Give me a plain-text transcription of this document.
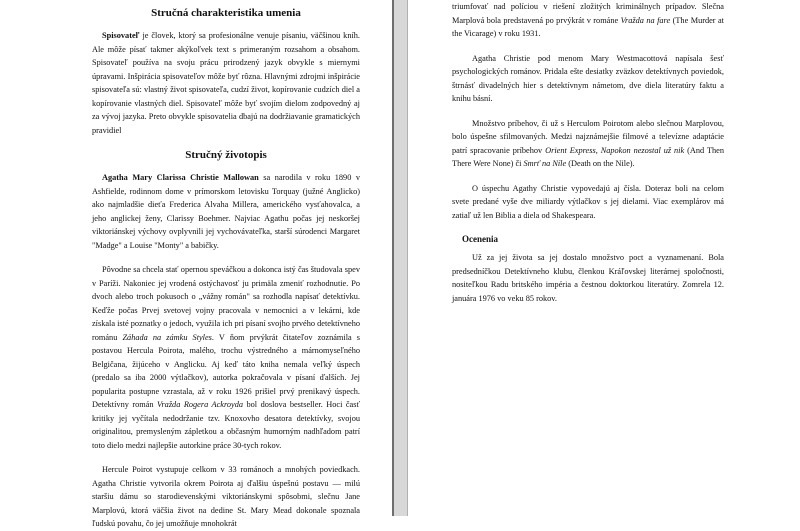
Stručná charakteristika umenia

Spisovateľ je človek, ktorý sa profesionálne venuje písaniu, väčšinou kníh. Ale môže písať takmer akýkoľvek text s primeraným rozsahom a obsahom. Spisovateľ používa na svoju prácu prirodzený jazyk obvykle s miernymi úpravami. Inšpirácia spisovateľov môže byť rôzna. Hlavnými zdrojmi inšpirácie spisovateľa sú: vlastný život spisovateľa, cudzí život, kopírovanie cudzích diel a kopírovanie vlastných diel. Spisovateľ môže byť svojím dielom zodpovedný aj za vývoj jazyka. Preto obvykle spisovatelia dbajú na dodržiavanie gramatických pravidiel

Stručný životopis

Agatha Mary Clarissa Christie Mallowan sa narodila v roku 1890 v Ashfielde, rodinnom dome v prímorskom letovisku Torquay (južné Anglicko) ako najmladšie dieťa Frederica Alvaha Millera, amerického vysťahovalca, a jeho anglickej ženy, Clarissy Boehmer. Najviac Agathu počas jej neskoršej viktoriánskej výchovy ovplyvnili jej vychovávateľka, starší súrodenci Margaret "Madge" a Louise "Monty" a babičky.

Pôvodne sa chcela stať opernou speváčkou a dokonca istý čas študovala spev v Paríži. Nakoniec jej vrodená ostýchavosť ju primäla zmeniť rozhodnutie. Po dvoch alebo troch pokusoch o „vážny román" sa rozhodla napísať detektívku. Keďže počas Prvej svetovej vojny pracovala v nemocnici a v lekárni, kde získala isté poznatky o jedoch, využila ich pri písaní svojho prvého detektívneho románu Záhada na zámku Styles. V ňom prvýkrát čitateľov zoznámila s postavou Hercula Poirota, malého, trochu výstredného a márnomyseľného Belgičana, žijúceho v Anglicku. Aj keď táto kniha nemala veľký úspech (predalo sa iba 2000 výtlačkov), autorka pokračovala v písaní ďalších. Jej popularita postupne vzrastala, až v roku 1926 prišiel prvý prenikavý úspech. Detektívny román Vražda Rogera Ackroyda bol doslova bestseller. Hoci časť kritiky jej vyčítala nedodržanie tzv. Knoxovho desatora detektívky, svojou originalitou, premysleným zápletkou a občasným humorným nadhľadom patrí toto dielo medzi najlepšie autorkine práce 30-tych rokov.

Hercule Poirot vystupuje celkom v 33 románoch a mnohých poviedkach. Agatha Christie vytvorila okrem Poirota aj ďalšiu úspešnú postavu — milú staršiu dámu so starodievenskými viktoriánskymi spôsobmi, slečnu Jane Marplovú, ktorá väčšia život na dedine St. Mary Mead dokonale spoznala ľudskú povahu, čo jej umožňuje mnohokrát

triumfovať nad políciou v riešení zložitých kriminálnych prípadov. Slečna Marplová bola predstavená po prvýkrát v románe Vražda na fare (The Murder at the Vicarage) v roku 1931.

Agatha Christie pod menom Mary Westmacottová napísala šesť psychologických románov. Pridala ešte desiatky zväzkov detektívnych poviedok, štrnásť divadelných hier s detektívnym námetom, dve diela literatúry faktu a knihu básní.

Množstvo príbehov, či už s Herculom Poirotom alebo slečnou Marplovou, bolo úspešne sfilmovaných. Medzi najznámejšie filmové a televízne adaptácie patrí spracovanie príbehov Orient Express, Napokon nezostal už nik (And Then There Were None) či Smrť na Níle (Death on the Nile).

O úspechu Agathy Christie vypovedajú aj čísla. Doteraz boli na celom svete predané vyše dve miliardy výtlačkov s jej dielami. Viac exemplárov má zatiaľ už len Biblia a diela od Shakespeara.

Ocenenia

Už za jej života sa jej dostalo množstvo poct a vyznamenaní. Bola predsedníčkou Detektívneho klubu, členkou Kráľovskej literárnej spoločnosti, nositeľkou Radu britského impéria a čestnou doktorkou literatúry. Zomrela 12. januára 1976 vo veku 85 rokov.
